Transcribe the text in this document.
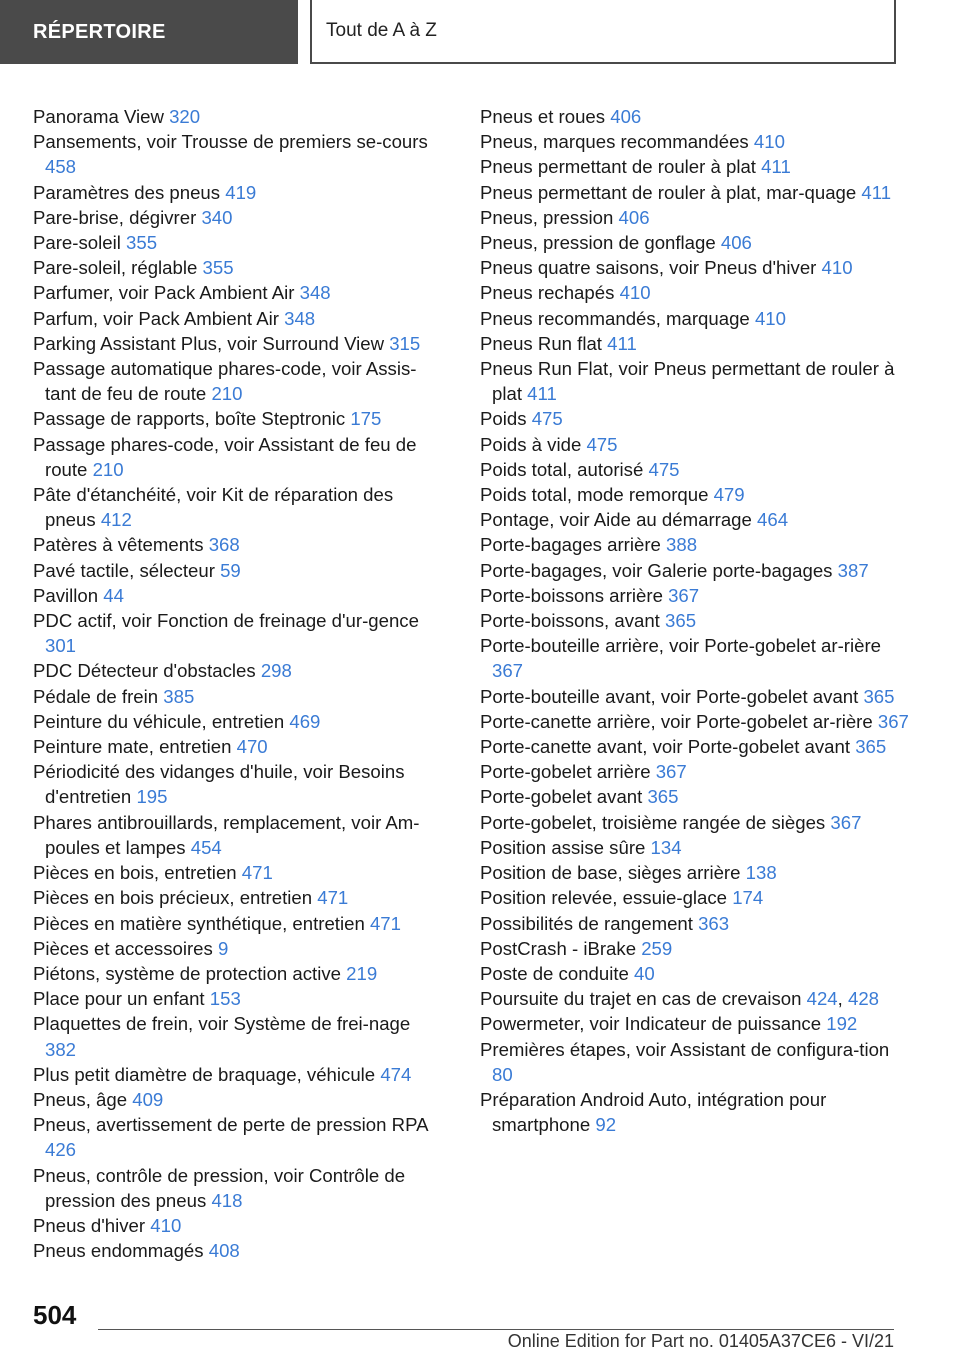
RÉPERTOIRE	Tout de A à Z

Panorama View 320

Pansements, voir Trousse de premiers se-cours 458

Paramètres des pneus 419

Pare-brise, dégivrer 340

Pare-soleil 355

Pare-soleil, réglable 355

Parfumer, voir Pack Ambient Air 348

Parfum, voir Pack Ambient Air 348

Parking Assistant Plus, voir Surround View 315

Passage automatique phares-code, voir Assis-tant de feu de route 210

Passage de rapports, boîte Steptronic 175

Passage phares-code, voir Assistant de feu de route 210

Pâte d'étanchéité, voir Kit de réparation des pneus 412

Patères à vêtements 368

Pavé tactile, sélecteur 59

Pavillon 44

PDC actif, voir Fonction de freinage d'ur-gence 301

PDC Détecteur d'obstacles 298

Pédale de frein 385

Peinture du véhicule, entretien 469

Peinture mate, entretien 470

Périodicité des vidanges d'huile, voir Besoins d'entretien 195

Phares antibrouillards, remplacement, voir Am-poules et lampes 454

Pièces en bois, entretien 471

Pièces en bois précieux, entretien 471

Pièces en matière synthétique, entretien 471

Pièces et accessoires 9

Piétons, système de protection active 219

Place pour un enfant 153

Plaquettes de frein, voir Système de frei-nage 382

Plus petit diamètre de braquage, véhicule 474

Pneus, âge 409

Pneus, avertissement de perte de pression RPA 426

Pneus, contrôle de pression, voir Contrôle de pression des pneus 418

Pneus d'hiver 410

Pneus endommagés 408

Pneus et roues 406

Pneus, marques recommandées 410

Pneus permettant de rouler à plat 411

Pneus permettant de rouler à plat, mar-quage 411

Pneus, pression 406

Pneus, pression de gonflage 406

Pneus quatre saisons, voir Pneus d'hiver 410

Pneus rechapés 410

Pneus recommandés, marquage 410

Pneus Run flat 411

Pneus Run Flat, voir Pneus permettant de rouler à plat 411

Poids 475

Poids à vide 475

Poids total, autorisé 475

Poids total, mode remorque 479

Pontage, voir Aide au démarrage 464

Porte-bagages arrière 388

Porte-bagages, voir Galerie porte-bagages 387

Porte-boissons arrière 367

Porte-boissons, avant 365

Porte-bouteille arrière, voir Porte-gobelet ar-rière 367

Porte-bouteille avant, voir Porte-gobelet avant 365

Porte-canette arrière, voir Porte-gobelet ar-rière 367

Porte-canette avant, voir Porte-gobelet avant 365

Porte-gobelet arrière 367

Porte-gobelet avant 365

Porte-gobelet, troisième rangée de sièges 367

Position assise sûre 134

Position de base, sièges arrière 138

Position relevée, essuie-glace 174

Possibilités de rangement 363

PostCrash - iBrake 259

Poste de conduite 40

Poursuite du trajet en cas de crevaison 424, 428

Powermeter, voir Indicateur de puissance 192

Premières étapes, voir Assistant de configura-tion 80

Préparation Android Auto, intégration pour smartphone 92

504
Online Edition for Part no. 01405A37CE6 - VI/21
